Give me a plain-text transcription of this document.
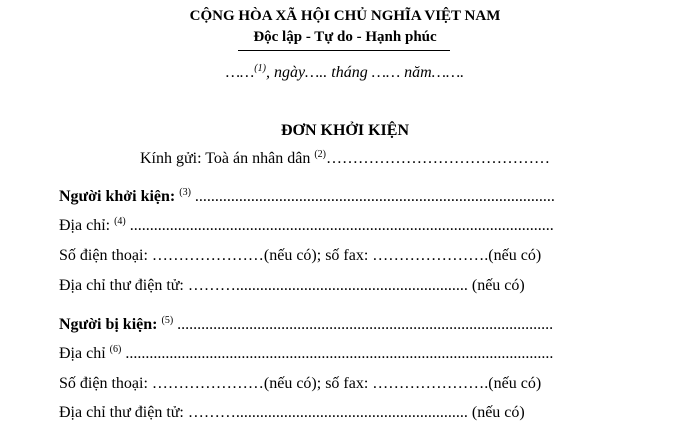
CỘNG HÒA XÃ HỘI CHỦ NGHĨA VIỆT NAM
Độc lập - Tự do - Hạnh phúc
……$^{(1)}$, ngày….. tháng …… năm…….
ĐƠN KHỞI KIỆN
Kính gửi: Toà án nhân dân $^{(2)}$……………………………………
Người khởi kiện: $^{(3)}$ ..........................................................................................
Địa chỉ: $^{(4)}$ ..........................................................................................................
Số điện thoại: …………………(nếu có); số fax: ………………….(nếu có)
Địa chỉ thư điện tử: ……….......................................................... (nếu có)
Người bị kiện: $^{(5)}$ ..............................................................................................
Địa chỉ $^{(6)}$ ...........................................................................................................
Số điện thoại: …………………(nếu có); số fax: ………………….(nếu có)
Địa chỉ thư điện tử: ……….......................................................... (nếu có)
